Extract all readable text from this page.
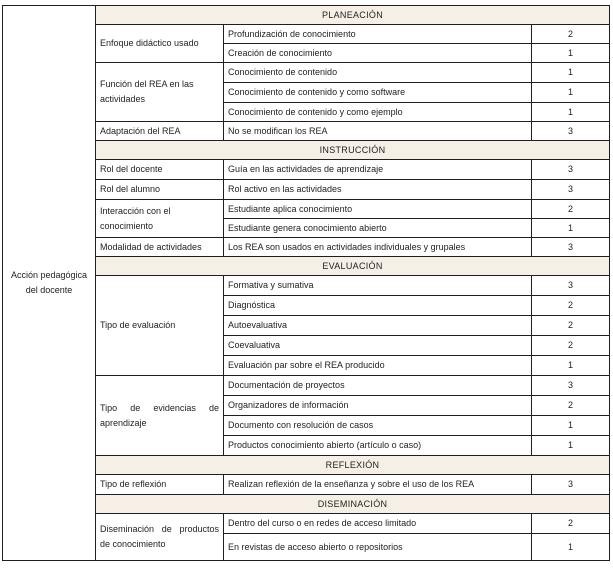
Acción pedagógica del docente	PLANEACIÓN		
	Enfoque didáctico usado	Profundización de conocimiento	2
		Creación de conocimiento	1
	Función del REA en las actividades	Conocimiento de contenido	1
		Conocimiento de contenido y como software	1
		Conocimiento de contenido y como ejemplo	1
	Adaptación del REA	No se modifican los REA	3
	INSTRUCCIÓN		
	Rol del docente	Guía en las actividades de aprendizaje	3
	Rol del alumno	Rol activo en las actividades	3
	Interacción con el conocimiento	Estudiante aplica conocimiento	2
		Estudiante genera conocimiento abierto	1
	Modalidad de actividades	Los REA son usados en actividades individuales y grupales	3
	EVALUACIÓN		
	Tipo de evaluación	Formativa y sumativa	3
		Diagnóstica	2
		Autoevaluativa	2
		Coevaluativa	2
		Evaluación par sobre el REA producido	1
	Tipo de evidencias de aprendizaje	Documentación de proyectos	3
		Organizadores de información	2
		Documento con resolución de casos	1
		Productos conocimiento abierto (artículo o caso)	1
	REFLEXIÓN		
	Tipo de reflexión	Realizan reflexión de la enseñanza y sobre el uso de los REA	3
	DISEMINACIÓN		
	Diseminación de productos de conocimiento	Dentro del curso o en redes de acceso limitado	2
		En revistas de acceso abierto o repositorios	1
